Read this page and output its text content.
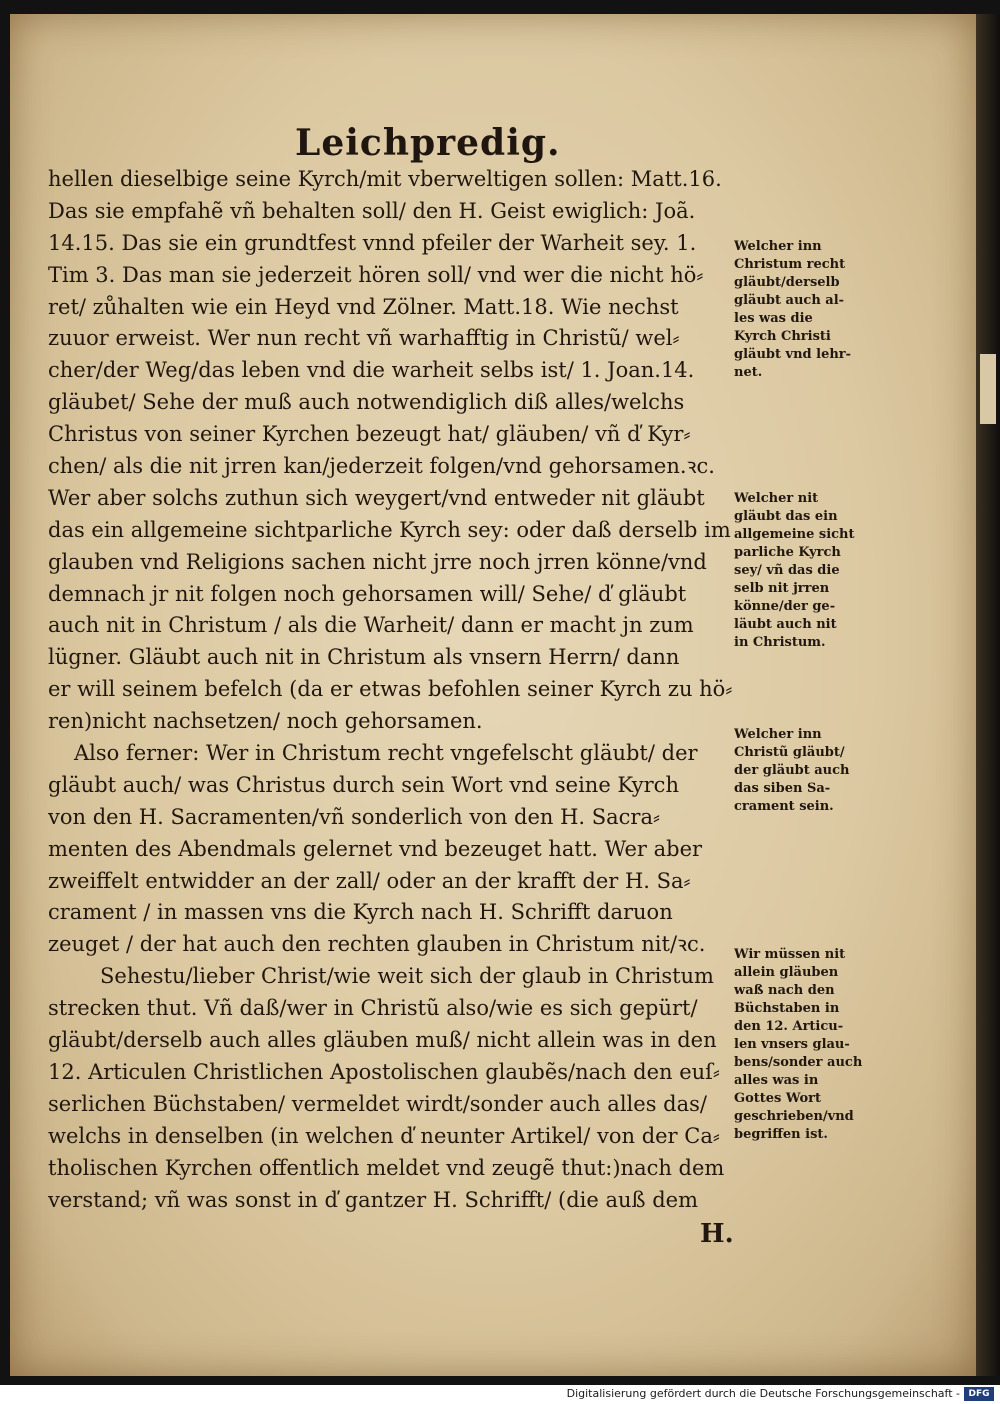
Leichpredig.
hellen dieselbige seine Kyrch/mit vberweltigen sollen: Matt.16.
Das sie empfahẽ vñ behalten soll/ den H. Geist ewiglich: Joã.
14.15. Das sie ein grundtfest vnnd pfeiler der Warheit sey. 1.
Tim 3. Das man sie jederzeit hören soll/ vnd wer die nicht hö⸗
ret/ zůhalten wie ein Heyd vnd Zölner. Matt.18. Wie nechst
zuuor erweist. Wer nun recht vñ warhafftig in Christũ/ wel⸗
cher/der Weg/das leben vnd die warheit selbs ist/ 1. Joan.14.
gläubet/ Sehe der muß auch notwendiglich diß alles/welchs
Christus von seiner Kyrchen bezeugt hat/ gläuben/ vñ ď Kyr⸗
chen/ als die nit jrren kan/jederzeit folgen/vnd gehorsamen.ꝛc.
Wer aber solchs zuthun sich weygert/vnd entweder nit gläubt
das ein allgemeine sichtparliche Kyrch sey: oder daß derselb im
glauben vnd Religions sachen nicht jrre noch jrren könne/vnd
demnach jr nit folgen noch gehorsamen will/ Sehe/ ď gläubt
auch nit in Christum / als die Warheit/ dann er macht jn zum
lügner. Gläubt auch nit in Christum als vnsern Herrn/ dann
er will seinem befelch (da er etwas befohlen seiner Kyrch zu hö⸗
ren)nicht nachsetzen/ noch gehorsamen.
Also ferner: Wer in Christum recht vngefelscht gläubt/ der
gläubt auch/ was Christus durch sein Wort vnd seine Kyrch
von den H. Sacramenten/vñ sonderlich von den H. Sacra⸗
menten des Abendmals gelernet vnd bezeuget hatt. Wer aber
zweiffelt entwidder an der zall/ oder an der krafft der H. Sa⸗
crament / in massen vns die Kyrch nach H. Schrifft daruon
zeuget / der hat auch den rechten glauben in Christum nit/ꝛc.
Sehestu/lieber Christ/wie weit sich der glaub in Christum
strecken thut. Vñ daß/wer in Christũ also/wie es sich gepürt/
gläubt/derselb auch alles gläuben muß/ nicht allein was in den
12. Articulen Christlichen Apostolischen glaubẽs/nach den euſ⸗
serlichen Büchstaben/ vermeldet wirdt/sonder auch alles das/
welchs in denselben (in welchen ď neunter Artikel/ von der Ca⸗
tholischen Kyrchen offentlich meldet vnd zeugẽ thut:)nach dem
verstand; vñ was sonst in ď gantzer H. Schrifft/ (die auß dem
H.
Welcher inn
Christum recht
gläubt/derselb
gläubt auch al-
les was die
Kyrch Christi
gläubt vnd lehr-
net.
Welcher nit
gläubt das ein
allgemeine sicht
parliche Kyrch
sey/ vñ das die
selb nit jrren
könne/der ge-
läubt auch nit
in Christum.
Welcher inn
Christũ gläubt/
der gläubt auch
das siben Sa-
crament sein.
Wir müssen nit
allein gläuben
waß nach den
Büchstaben in
den 12. Articu-
len vnsers glau-
bens/sonder auch
alles was in
Gottes Wort
geschrieben/vnd
begriffen ist.
Digitalisierung gefördert durch die Deutsche Forschungsgemeinschaft - DFG
